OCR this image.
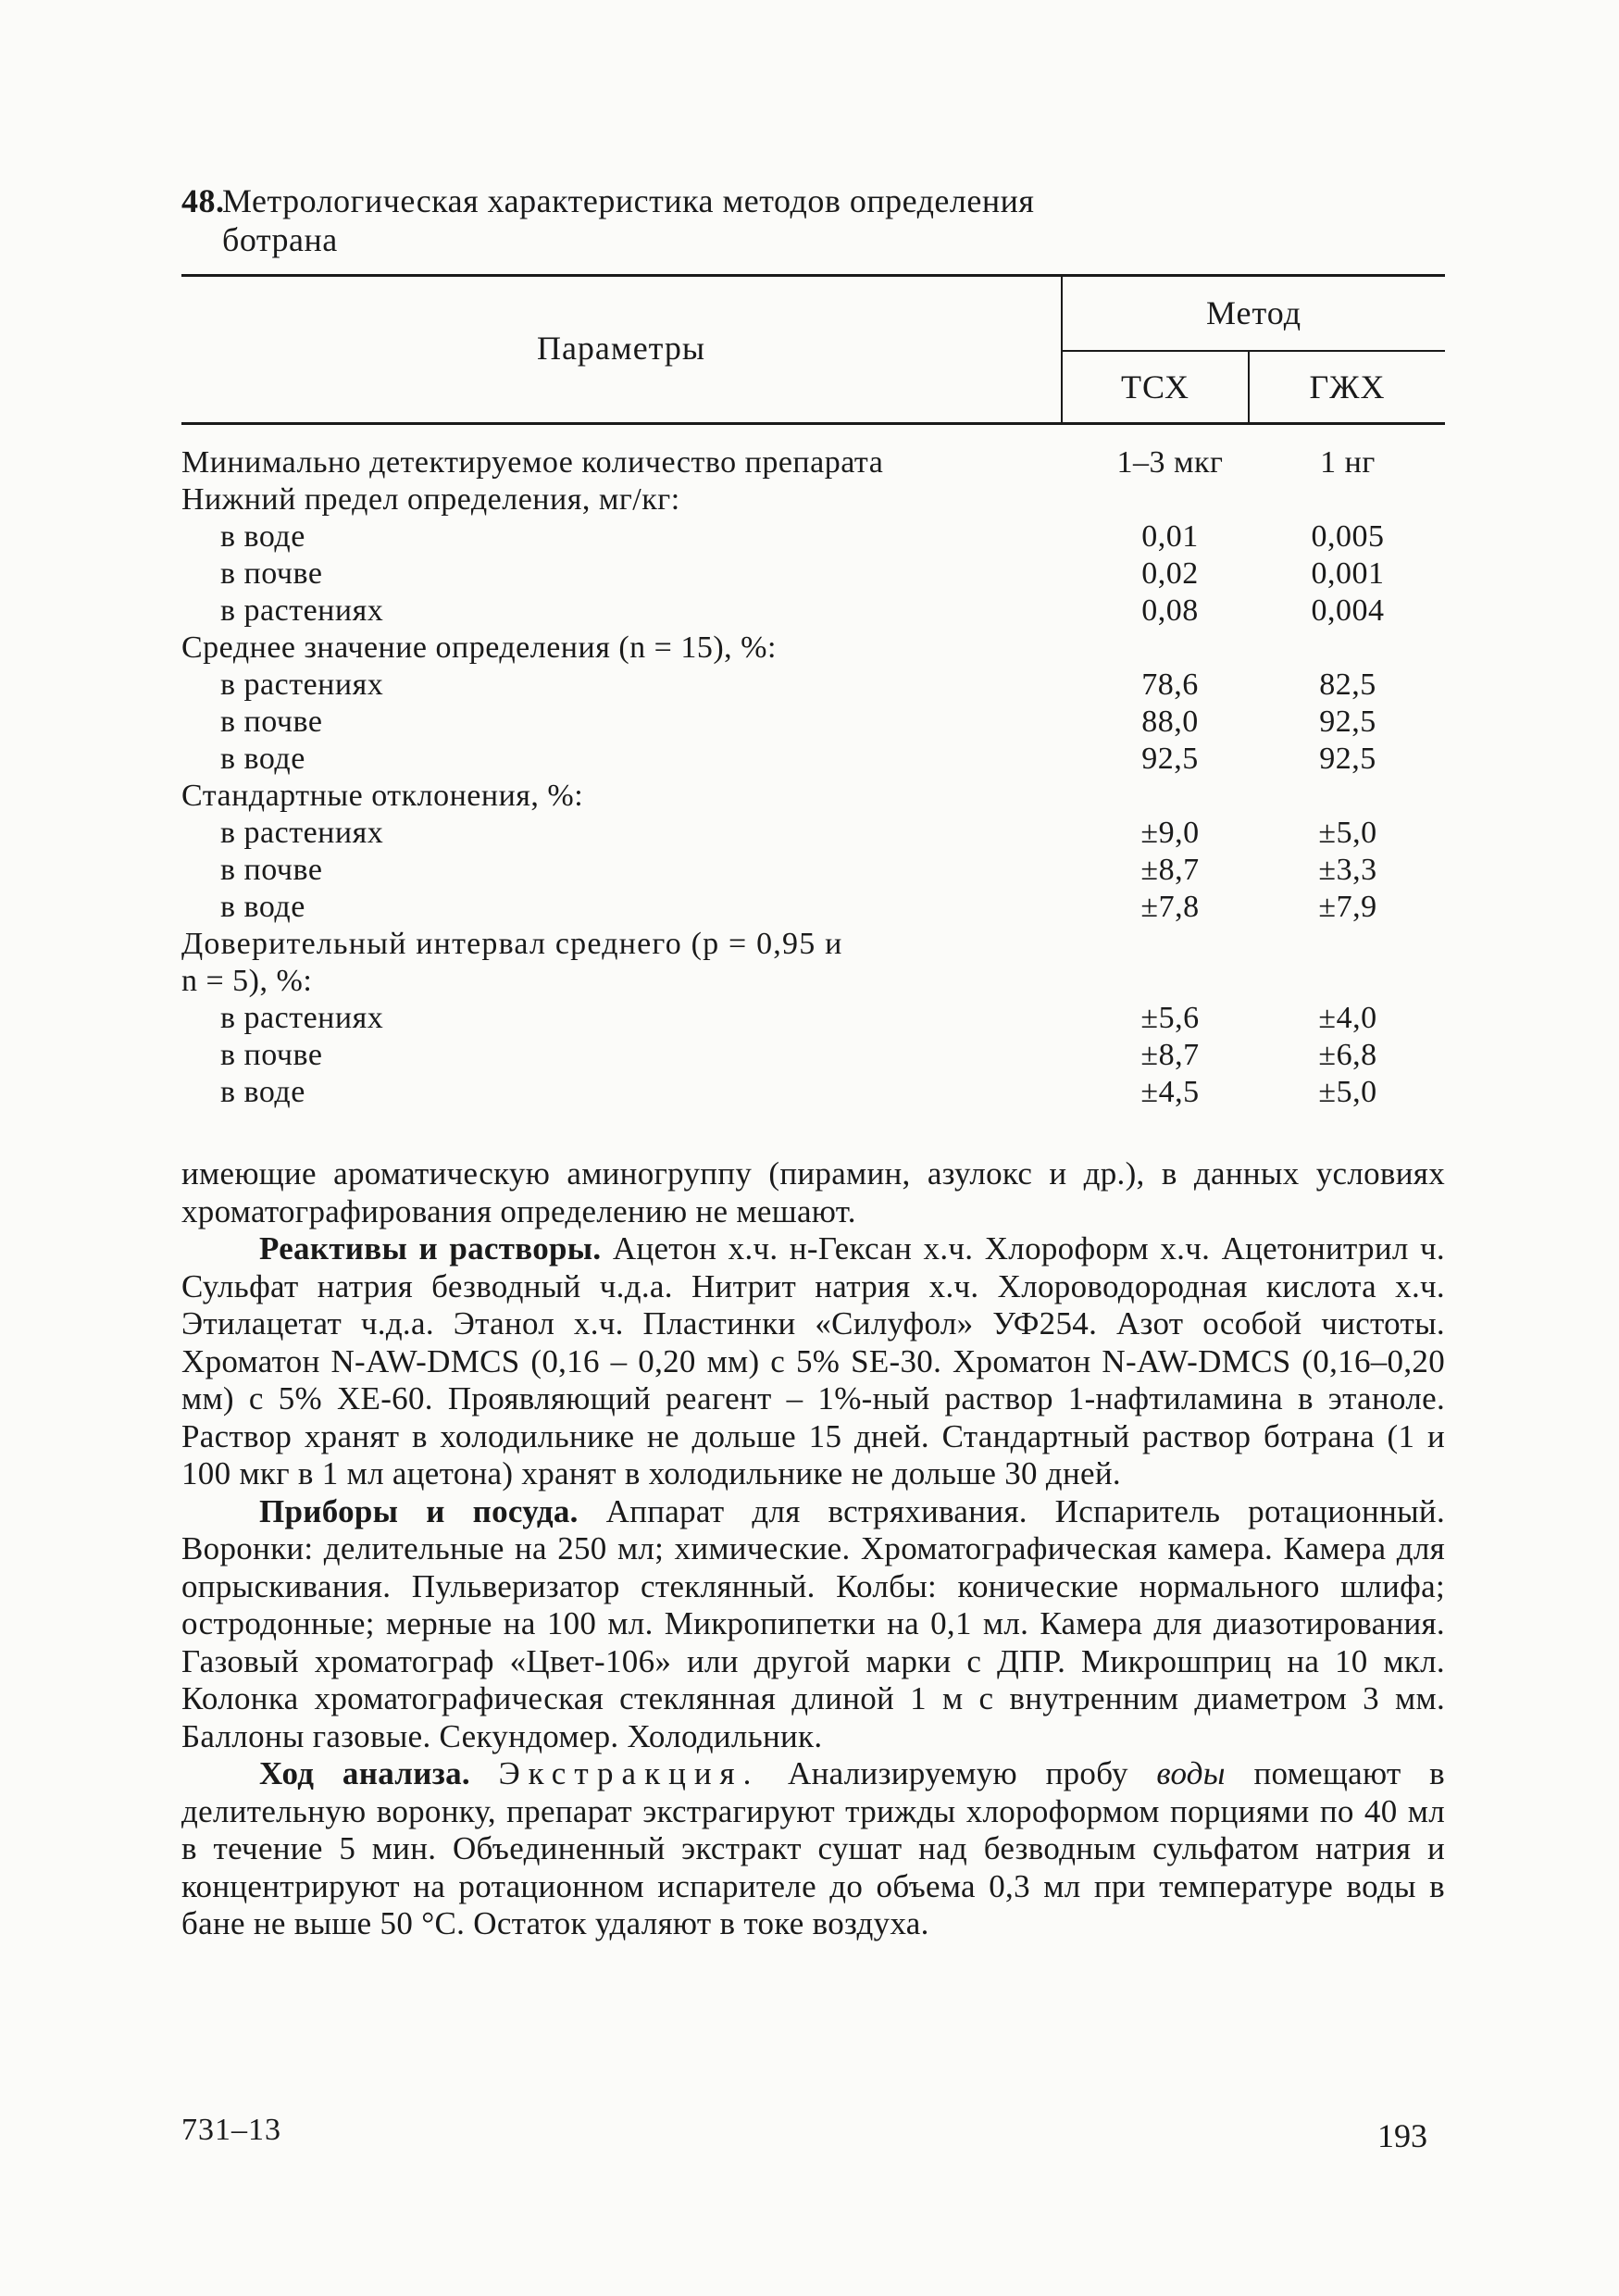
48.Метрологическая характеристика методов определения
ботрана
Параметры
Метод
ТСХ	ГЖХ
Минимально детектируемое количество препарата	1–3 мкг	1 нг
Нижний предел определения, мг/кг:
в воде	0,01	0,005
в почве	0,02	0,001
в растениях	0,08	0,004
Среднее значение определения (n = 15), %:
в растениях	78,6	82,5
в почве	88,0	92,5
в воде	92,5	92,5
Стандартные отклонения, %:
в растениях	±9,0	±5,0
в почве	±8,7	±3,3
в воде	±7,8	±7,9
Доверительный интервал среднего (p = 0,95 и
n = 5), %:
в растениях	±5,6	±4,0
в почве	±8,7	±6,8
в воде	±4,5	±5,0

имеющие ароматическую аминогруппу (пирамин, азулокс и др.), в данных условиях хроматографирования определению не мешают.

Реактивы и растворы. Ацетон х.ч. н-Гексан х.ч. Хлороформ х.ч. Ацетонитрил ч. Сульфат натрия безводный ч.д.а. Нитрит натрия х.ч. Хлороводородная кислота х.ч. Этилацетат ч.д.а. Этанол х.ч. Пластинки «Силуфол» УФ254. Азот особой чистоты. Хроматон N-AW-DMCS (0,16 – 0,20 мм) с 5% SE-30. Хроматон N-AW-DMCS (0,16–0,20 мм) с 5% XE-60. Проявляющий реагент – 1%-ный раствор 1-нафтиламина в этаноле. Раствор хранят в холодильнике не дольше 15 дней. Стандартный раствор ботрана (1 и 100 мкг в 1 мл ацетона) хранят в холодильнике не дольше 30 дней.

Приборы и посуда. Аппарат для встряхивания. Испаритель ротационный. Воронки: делительные на 250 мл; химические. Хроматографическая камера. Камера для опрыскивания. Пульверизатор стеклянный. Колбы: конические нормального шлифа; остродонные; мерные на 100 мл. Микропипетки на 0,1 мл. Камера для диазотирования. Газовый хроматограф «Цвет-106» или другой марки с ДПР. Микрошприц на 10 мкл. Колонка хроматографическая стеклянная длиной 1 м с внутренним диаметром 3 мм. Баллоны газовые. Секундомер. Холодильник.

Ход анализа. Экстракция. Анализируемую пробу воды помещают в делительную воронку, препарат экстрагируют трижды хлороформом порциями по 40 мл в течение 5 мин. Объединенный экстракт сушат над безводным сульфатом натрия и концентрируют на ротационном испарителе до объема 0,3 мл при температуре воды в бане не выше 50 °С. Остаток удаляют в токе воздуха.

731–13	193
